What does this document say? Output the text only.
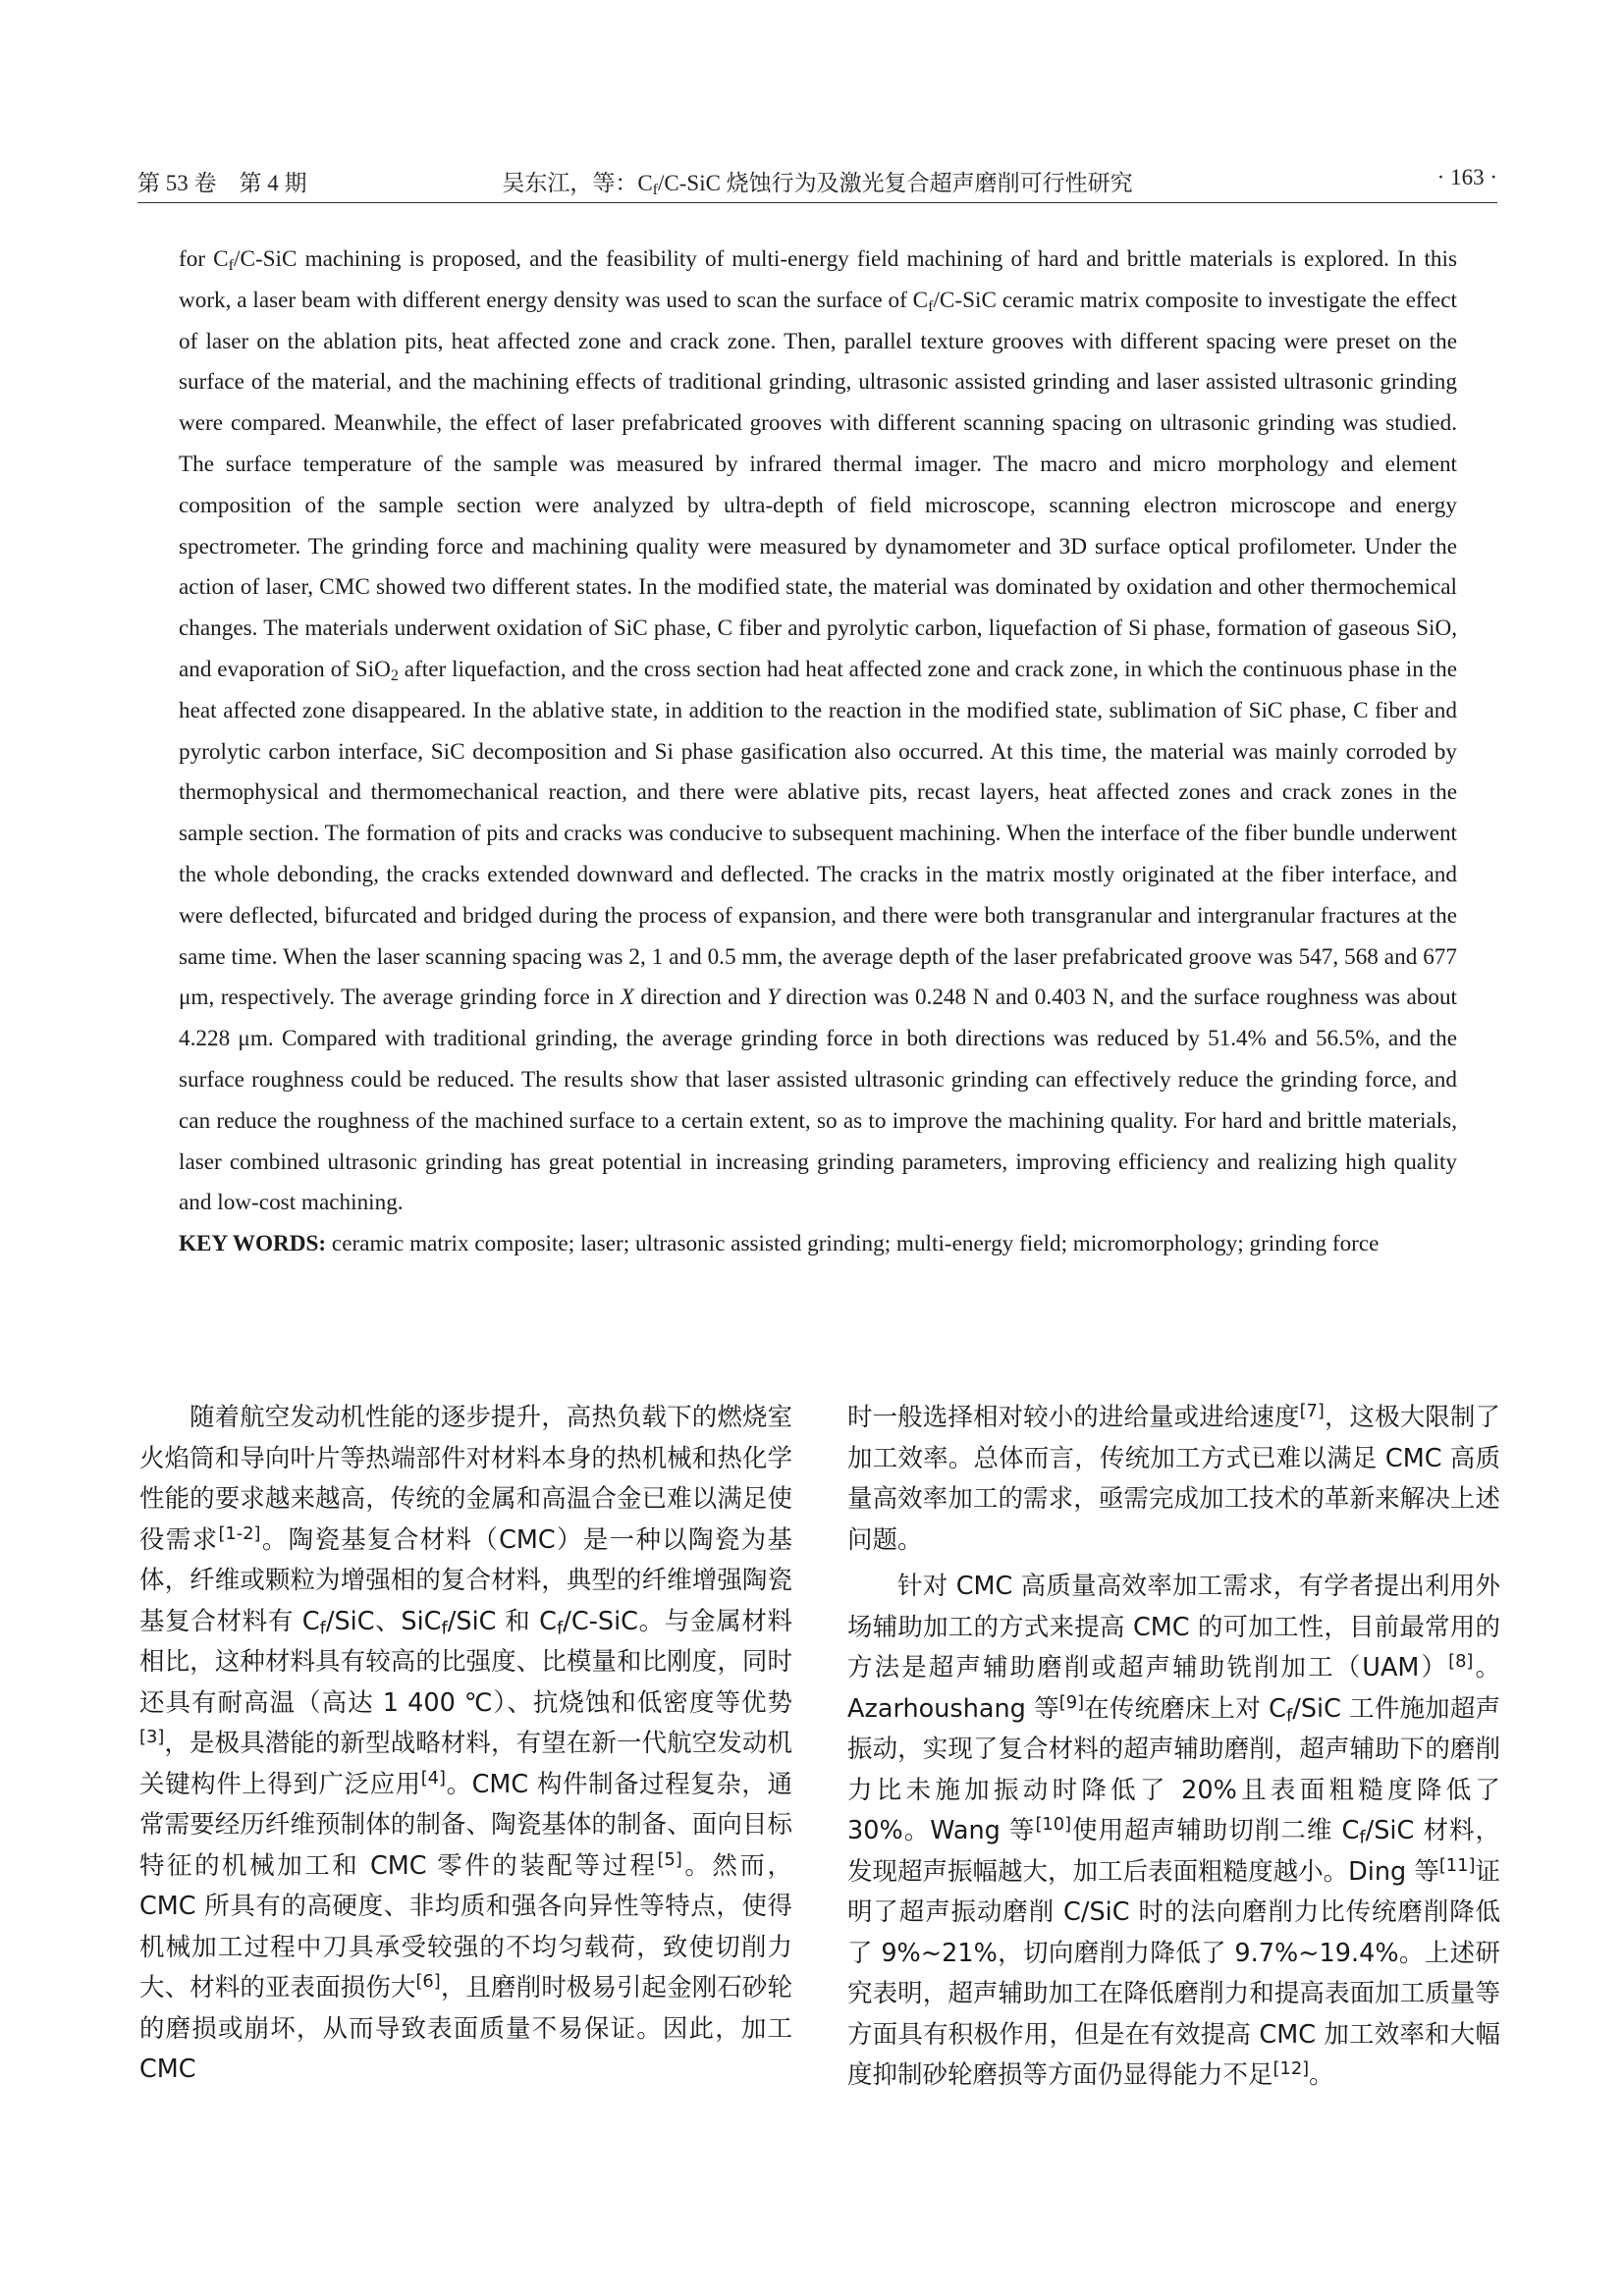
第 53 卷　第 4 期	吴东江，等：$C_f/C$-SiC 烧蚀行为及激光复合超声磨削可行性研究	· 163 ·

for $C_f/C$-SiC machining is proposed, and the feasibility of multi-energy field machining of hard and brittle materials is explored. In this work, a laser beam with different energy density was used to scan the surface of $C_f/C$-SiC ceramic matrix composite to investigate the effect of laser on the ablation pits, heat affected zone and crack zone. Then, parallel texture grooves with different spacing were preset on the surface of the material, and the machining effects of traditional grinding, ultrasonic assisted grinding and laser assisted ultrasonic grinding were compared. Meanwhile, the effect of laser prefabricated grooves with different scanning spacing on ultrasonic grinding was studied. The surface temperature of the sample was measured by infrared thermal imager. The macro and micro morphology and element composition of the sample section were analyzed by ultra-depth of field microscope, scanning electron microscope and energy spectrometer. The grinding force and machining quality were measured by dynamometer and 3D surface optical profilometer. Under the action of laser, CMC showed two different states. In the modified state, the material was dominated by oxidation and other thermochemical changes. The materials underwent oxidation of SiC phase, C fiber and pyrolytic carbon, liquefaction of Si phase, formation of gaseous SiO, and evaporation of SiO$_2$ after liquefaction, and the cross section had heat affected zone and crack zone, in which the continuous phase in the heat affected zone disappeared. In the ablative state, in addition to the reaction in the modified state, sublimation of SiC phase, C fiber and pyrolytic carbon interface, SiC decomposition and Si phase gasification also occurred. At this time, the material was mainly corroded by thermophysical and thermomechanical reaction, and there were ablative pits, recast layers, heat affected zones and crack zones in the sample section. The formation of pits and cracks was conducive to subsequent machining. When the interface of the fiber bundle underwent the whole debonding, the cracks extended downward and deflected. The cracks in the matrix mostly originated at the fiber interface, and were deflected, bifurcated and bridged during the process of expansion, and there were both transgranular and intergranular fractures at the same time. When the laser scanning spacing was 2, 1 and 0.5 mm, the average depth of the laser prefabricated groove was 547, 568 and 677 μm, respectively. The average grinding force in X direction and Y direction was 0.248 N and 0.403 N, and the surface roughness was about 4.228 μm. Compared with traditional grinding, the average grinding force in both directions was reduced by 51.4% and 56.5%, and the surface roughness could be reduced. The results show that laser assisted ultrasonic grinding can effectively reduce the grinding force, and can reduce the roughness of the machined surface to a certain extent, so as to improve the machining quality. For hard and brittle materials, laser combined ultrasonic grinding has great potential in increasing grinding parameters, improving efficiency and realizing high quality and low-cost machining.

KEY WORDS: ceramic matrix composite; laser; ultrasonic assisted grinding; multi-energy field; micromorphology; grinding force

随着航空发动机性能的逐步提升，高热负载下的燃烧室火焰筒和导向叶片等热端部件对材料本身的热机械和热化学性能的要求越来越高，传统的金属和高温合金已难以满足使役需求[1-2]。陶瓷基复合材料（CMC）是一种以陶瓷为基体，纤维或颗粒为增强相的复合材料，典型的纤维增强陶瓷基复合材料有 $C_f$/SiC、SiC$_f$/SiC 和 $C_f/C$-SiC。与金属材料相比，这种材料具有较高的比强度、比模量和比刚度，同时还具有耐高温（高达 1 400 ℃）、抗烧蚀和低密度等优势[3]，是极具潜能的新型战略材料，有望在新一代航空发动机关键构件上得到广泛应用[4]。CMC 构件制备过程复杂，通常需要经历纤维预制体的制备、陶瓷基体的制备、面向目标特征的机械加工和 CMC 零件的装配等过程[5]。然而，CMC 所具有的高硬度、非均质和强各向异性等特点，使得机械加工过程中刀具承受较强的不均匀载荷，致使切削力大、材料的亚表面损伤大[6]，且磨削时极易引起金刚石砂轮的磨损或崩坏，从而导致表面质量不易保证。因此，加工 CMC

时一般选择相对较小的进给量或进给速度[7]，这极大限制了加工效率。总体而言，传统加工方式已难以满足 CMC 高质量高效率加工的需求，亟需完成加工技术的革新来解决上述问题。

针对 CMC 高质量高效率加工需求，有学者提出利用外场辅助加工的方式来提高 CMC 的可加工性，目前最常用的方法是超声辅助磨削或超声辅助铣削加工（UAM）[8]。Azarhoushang 等[9]在传统磨床上对 $C_f$/SiC 工件施加超声振动，实现了复合材料的超声辅助磨削，超声辅助下的磨削力比未施加振动时降低了 20%且表面粗糙度降低了 30%。Wang 等[10]使用超声辅助切削二维 $C_f$/SiC 材料，发现超声振幅越大，加工后表面粗糙度越小。Ding 等[11]证明了超声振动磨削 C/SiC 时的法向磨削力比传统磨削降低了 9%~21%，切向磨削力降低了 9.7%~19.4%。上述研究表明，超声辅助加工在降低磨削力和提高表面加工质量等方面具有积极作用，但是在有效提高 CMC 加工效率和大幅度抑制砂轮磨损等方面仍显得能力不足[12]。
